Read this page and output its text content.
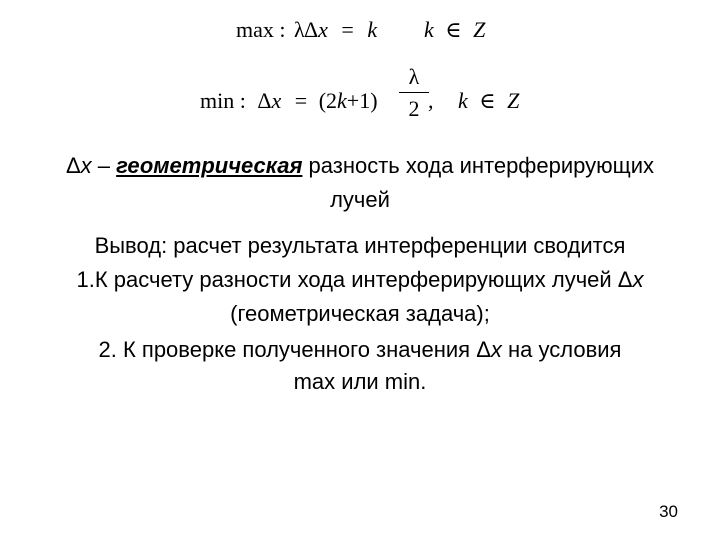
max : λ Δx = k k ∈ Z
min : Δx = (2k+1)
λ
2 , k ∈ Z
Δx – геометрическая разность хода интерферирующих
лучей
Вывод: расчет результата интерференции сводится
1.К расчету разности хода интерферирующих лучей Δx
(геометрическая задача);
2. К проверке полученного значения Δx на условия
max или min.
30
